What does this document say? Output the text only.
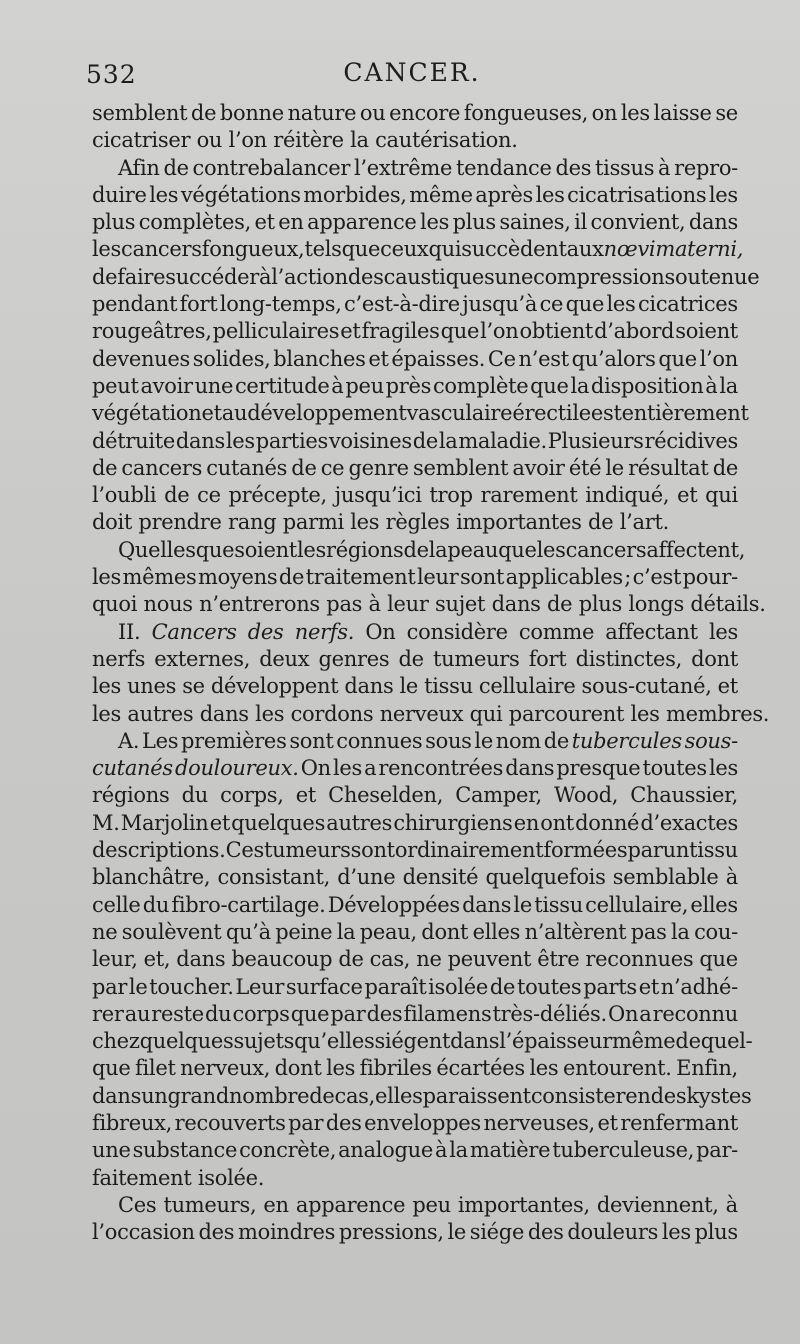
532	CANCER.
semblent de bonne nature ou encore fongueuses, on les laisse se
cicatriser ou l’on réitère la cautérisation.
Afin de contrebalancer l’extrême tendance des tissus à repro-
duire les végétations morbides, même après les cicatrisations les
plus complètes, et en apparence les plus saines, il convient, dans
les cancers fongueux, tels que ceux qui succèdent aux nœvi materni,
de faire succéder à l’action des caustiques une compression soutenue
pendant fort long-temps, c’est-à-dire jusqu’à ce que les cicatrices
rougeâtres, pelliculaires et fragiles que l’on obtient d’abord soient
devenues solides, blanches et épaisses. Ce n’est qu’alors que l’on
peut avoir une certitude à peu près complète que la disposition à la
végétation et au développement vasculaire érectile est entièrement
détruite dans les parties voisines de la maladie. Plusieurs récidives
de cancers cutanés de ce genre semblent avoir été le résultat de
l’oubli de ce précepte, jusqu’ici trop rarement indiqué, et qui
doit prendre rang parmi les règles importantes de l’art.
Quelles que soient les régions de la peau que les cancers affectent,
les mêmes moyens de traitement leur sont applicables ; c’est pour-
quoi nous n’entrerons pas à leur sujet dans de plus longs détails.
II. Cancers des nerfs. On considère comme affectant les
nerfs externes, deux genres de tumeurs fort distinctes, dont
les unes se développent dans le tissu cellulaire sous-cutané, et
les autres dans les cordons nerveux qui parcourent les membres.
A. Les premières sont connues sous le nom de tubercules sous-
cutanés douloureux. On les a rencontrées dans presque toutes les
régions du corps, et Cheselden, Camper, Wood, Chaussier,
M. Marjolin et quelques autres chirurgiens en ont donné d’exactes
descriptions. Ces tumeurs sont ordinairement formées par un tissu
blanchâtre, consistant, d’une densité quelquefois semblable à
celle du fibro-cartilage. Développées dans le tissu cellulaire, elles
ne soulèvent qu’à peine la peau, dont elles n’altèrent pas la cou-
leur, et, dans beaucoup de cas, ne peuvent être reconnues que
par le toucher. Leur surface paraît isolée de toutes parts et n’adhé-
rer au reste du corps que par des filamens très-déliés. On a reconnu
chez quelques sujets qu’elles siégent dans l’épaisseur même de quel-
que filet nerveux, dont les fibriles écartées les entourent. Enfin,
dans un grand nombre de cas, elles paraissent consister en des kystes
fibreux, recouverts par des enveloppes nerveuses, et renfermant
une substance concrète, analogue à la matière tuberculeuse, par-
faitement isolée.
Ces tumeurs, en apparence peu importantes, deviennent, à
l’occasion des moindres pressions, le siége des douleurs les plus
